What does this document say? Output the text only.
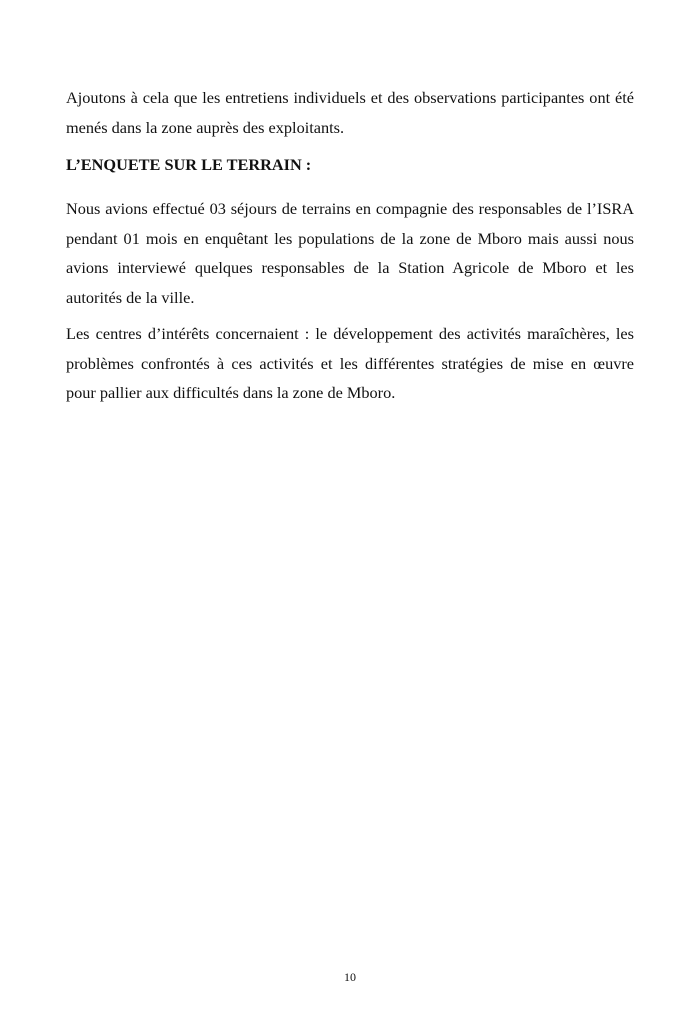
Ajoutons à cela que les entretiens individuels et des observations participantes ont été
menés dans la zone auprès des exploitants.
L’ENQUETE SUR LE TERRAIN :
Nous avions effectué 03 séjours de terrains en compagnie des responsables de l’ISRA
pendant 01 mois en enquêtant les populations de la zone de Mboro mais aussi nous
avions interviewé quelques responsables de la Station Agricole de Mboro et les
autorités de la ville.
Les centres d’intérêts concernaient : le développement des activités maraîchères, les
problèmes confrontés à ces activités et les différentes stratégies de mise en œuvre
pour pallier aux difficultés dans la zone de Mboro.
10
